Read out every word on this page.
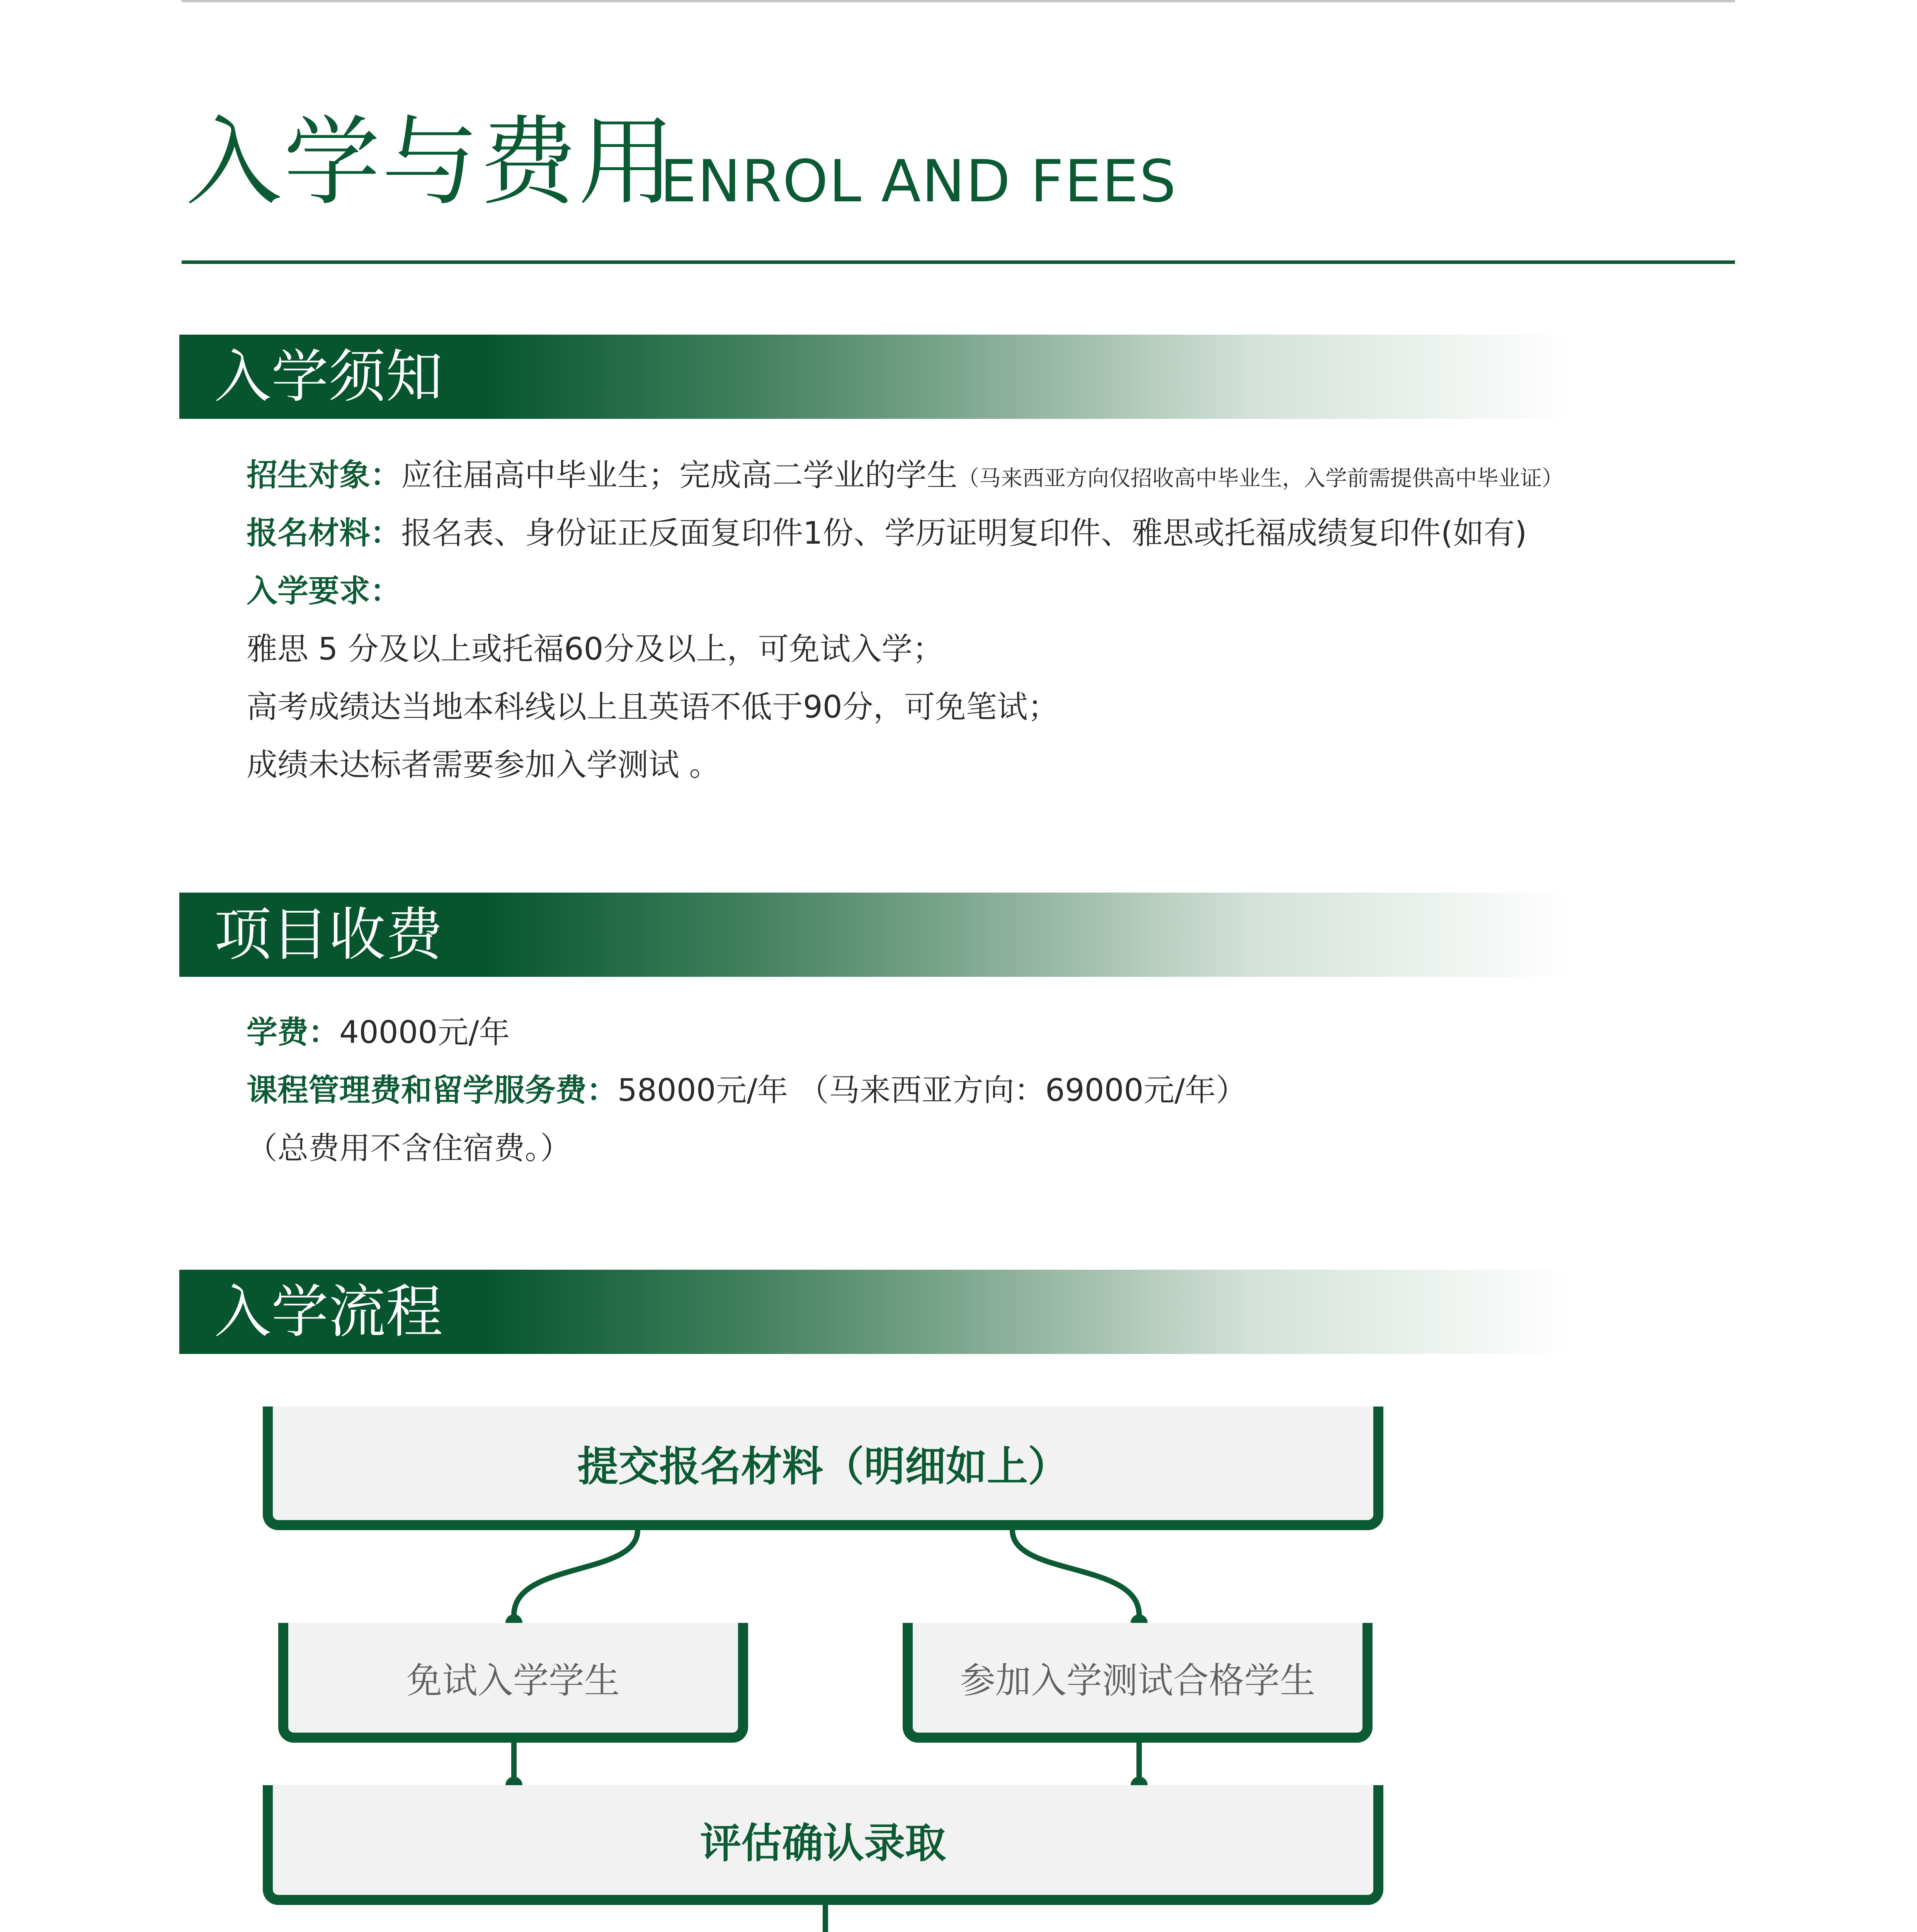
入学与费用
ENROL AND FEES
入学须知
招生对象：应往届高中毕业生；完成高二学业的学生（马来西亚方向仅招收高中毕业生，入学前需提供高中毕业证）
报名材料：报名表、身份证正反面复印件1份、学历证明复印件、雅思或托福成绩复印件(如有)
入学要求：
雅思 5 分及以上或托福60分及以上，可免试入学；
高考成绩达当地本科线以上且英语不低于90分，可免笔试；
成绩未达标者需要参加入学测试 。
项目收费
学费：40000元/年
课程管理费和留学服务费：58000元/年 （马来西亚方向：69000元/年）
（总费用不含住宿费。）
入学流程
提交报名材料（明细如上）
免试入学学生	参加入学测试合格学生
评估确认录取
